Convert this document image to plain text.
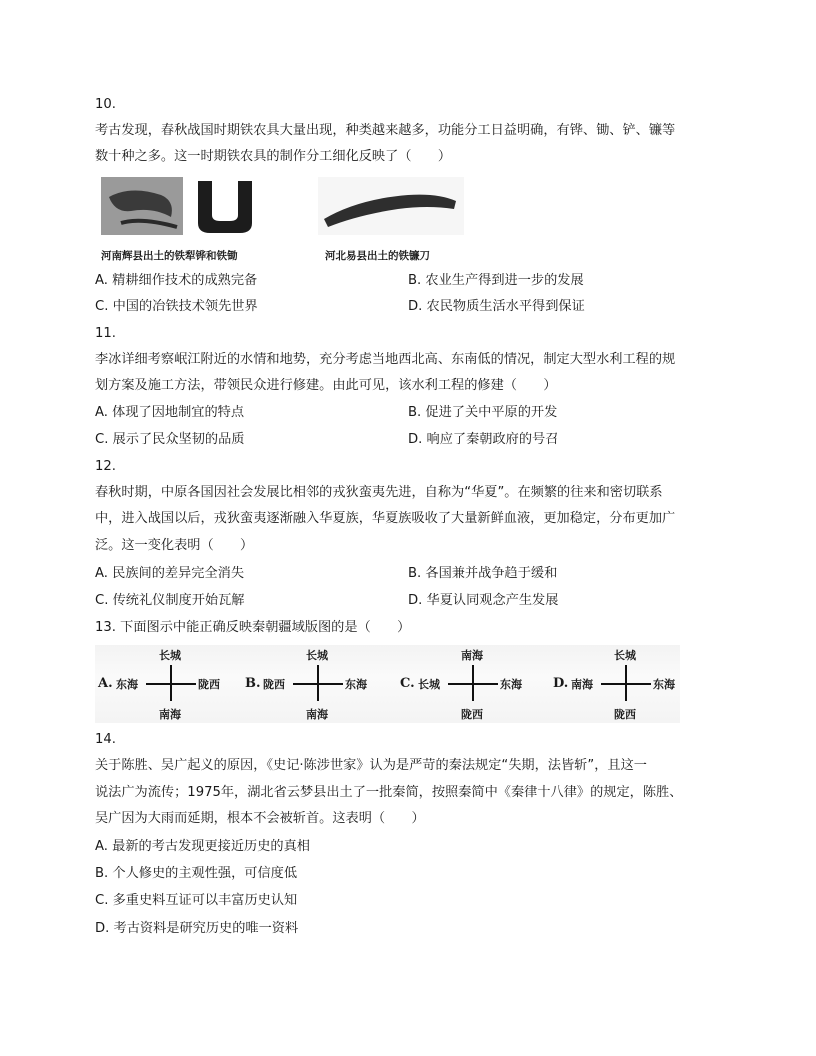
10.
考古发现，春秋战国时期铁农具大量出现，种类越来越多，功能分工日益明确，有铧、锄、铲、镰等
数十种之多。这一时期铁农具的制作分工细化反映了（　　）
河南辉县出土的铁犁铧和铁锄	河北易县出土的铁镰刀
A. 精耕细作技术的成熟完备	B. 农业生产得到进一步的发展
C. 中国的冶铁技术领先世界	D. 农民物质生活水平得到保证
11.
李冰详细考察岷江附近的水情和地势，充分考虑当地西北高、东南低的情况，制定大型水利工程的规
划方案及施工方法，带领民众进行修建。由此可见，该水利工程的修建（　　）
A. 体现了因地制宜的特点	B. 促进了关中平原的开发
C. 展示了民众坚韧的品质	D. 响应了秦朝政府的号召
12.
春秋时期，中原各国因社会发展比相邻的戎狄蛮夷先进，自称为“华夏”。在频繁的往来和密切联系
中，进入战国以后，戎狄蛮夷逐渐融入华夏族，华夏族吸收了大量新鲜血液，更加稳定，分布更加广
泛。这一变化表明（　　）
A. 民族间的差异完全消失	B. 各国兼并战争趋于缓和
C. 传统礼仪制度开始瓦解	D. 华夏认同观念产生发展
13. 下面图示中能正确反映秦朝疆域版图的是（　　）
A.
长城
东海	陇西
南海
B.
长城
陇西	东海
南海
C.
南海
长城	东海
陇西
D.
长城
南海	东海
陇西
14.
关于陈胜、吴广起义的原因，《史记·陈涉世家》认为是严苛的秦法规定“失期，法皆斩”，且这一
说法广为流传；1975年，湖北省云梦县出土了一批秦简，按照秦简中《秦律十八律》的规定，陈胜、
吴广因为大雨而延期，根本不会被斩首。这表明（　　）
A. 最新的考古发现更接近历史的真相
B. 个人修史的主观性强，可信度低
C. 多重史料互证可以丰富历史认知
D. 考古资料是研究历史的唯一资料
